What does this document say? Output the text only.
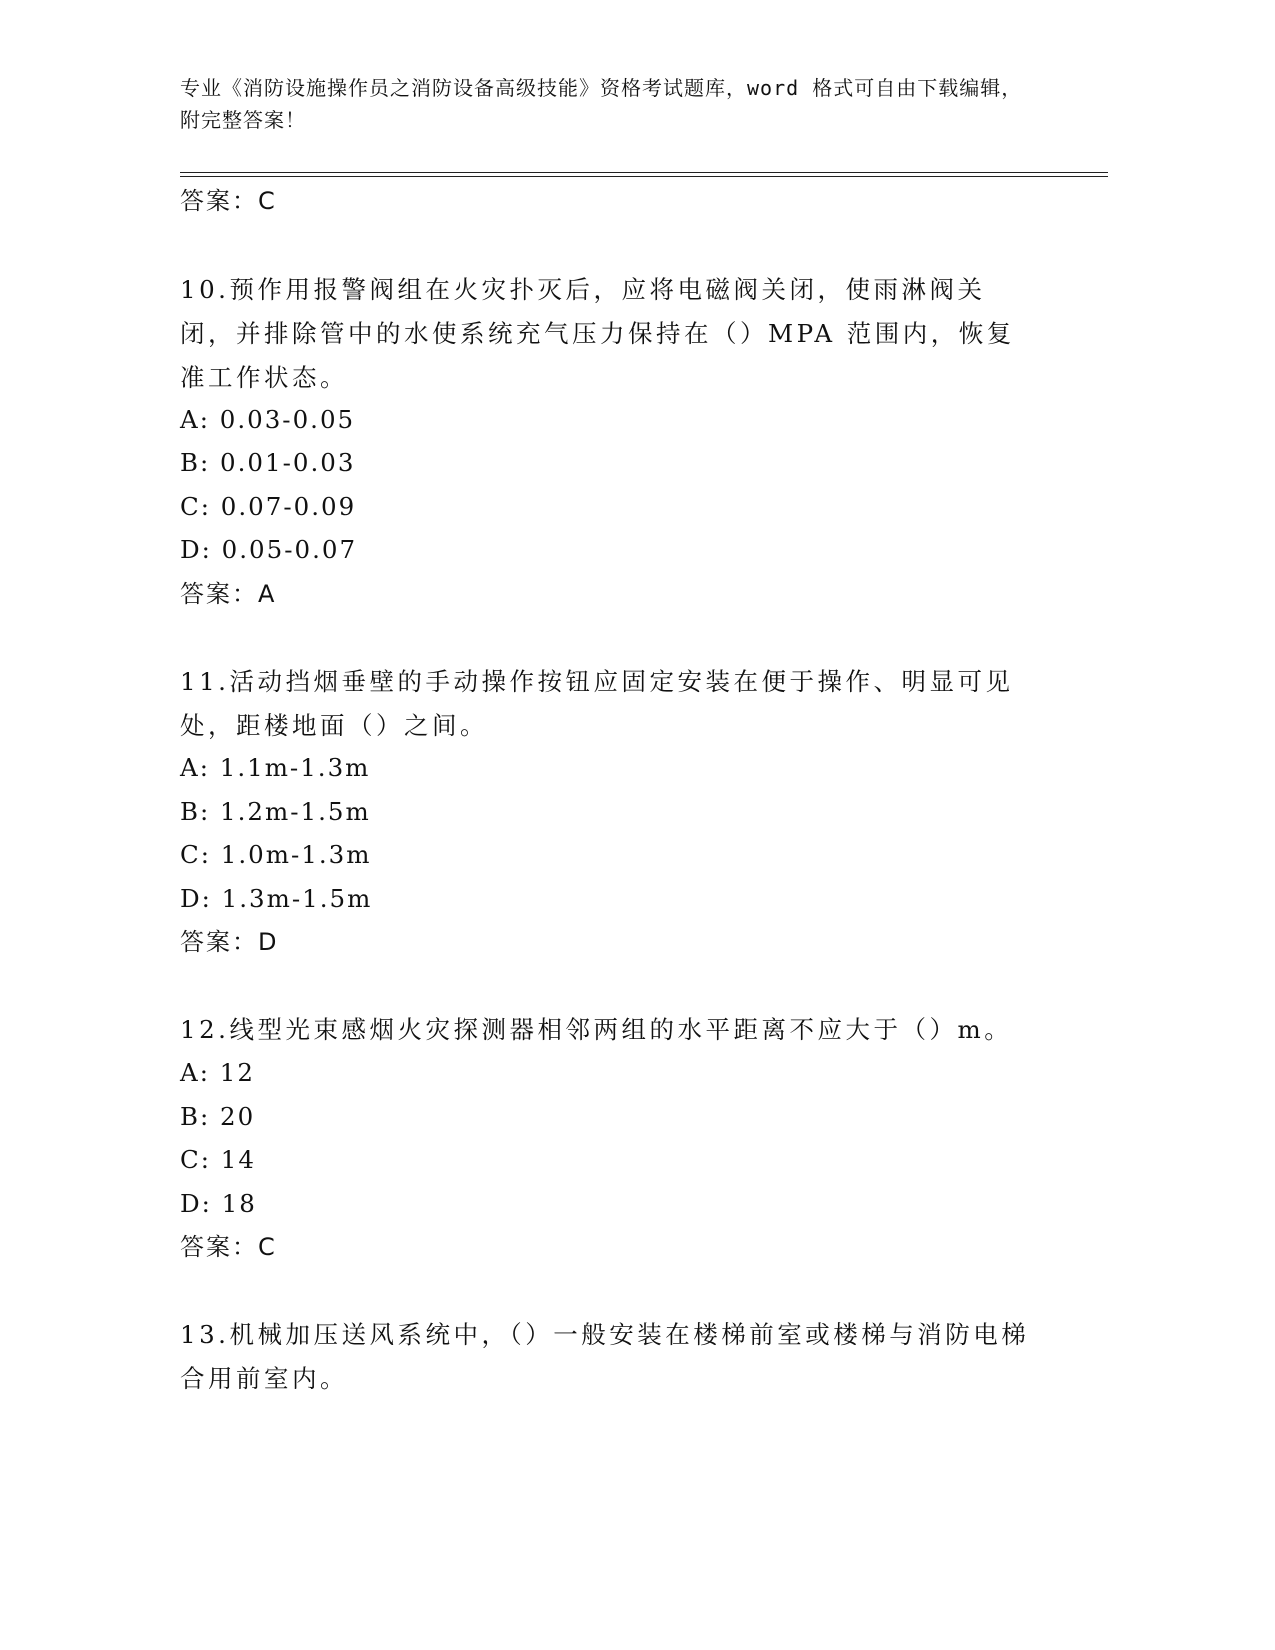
专业《消防设施操作员之消防设备高级技能》资格考试题库，word 格式可自由下载编辑，附完整答案！
答案：C
10.预作用报警阀组在火灾扑灭后，应将电磁阀关闭，使雨淋阀关闭，并排除管中的水使系统充气压力保持在（）MPA 范围内，恢复准工作状态。
A: 0.03-0.05
B: 0.01-0.03
C: 0.07-0.09
D: 0.05-0.07
答案：A
11.活动挡烟垂壁的手动操作按钮应固定安装在便于操作、明显可见处，距楼地面（）之间。
A: 1.1m-1.3m
B: 1.2m-1.5m
C: 1.0m-1.3m
D: 1.3m-1.5m
答案：D
12.线型光束感烟火灾探测器相邻两组的水平距离不应大于（）m。
A: 12
B: 20
C: 14
D: 18
答案：C
13.机械加压送风系统中，（）一般安装在楼梯前室或楼梯与消防电梯合用前室内。
